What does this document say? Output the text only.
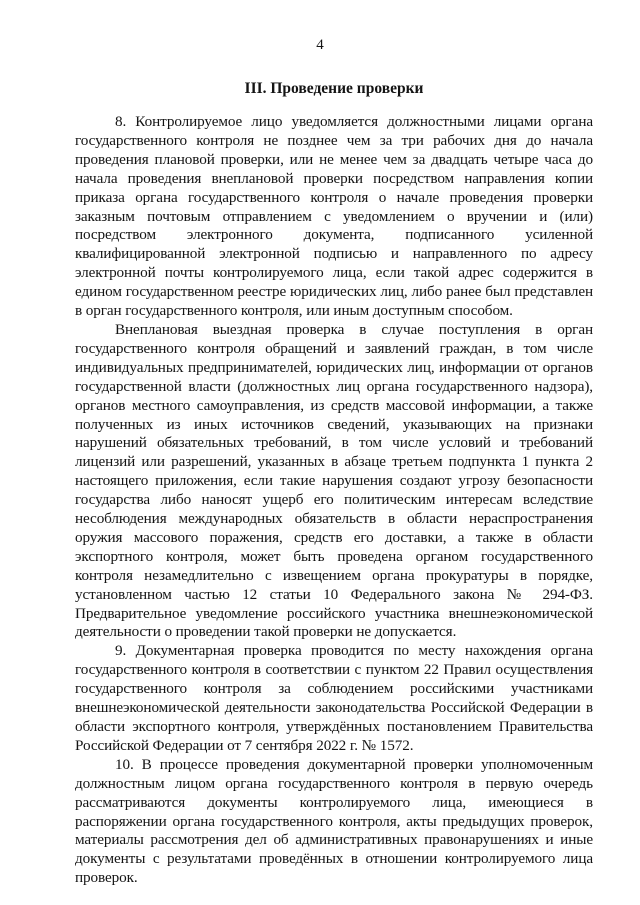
4
III. Проведение проверки

8. Контролируемое лицо уведомляется должностными лицами органа государственного контроля не позднее чем за три рабочих дня до начала проведения плановой проверки, или не менее чем за двадцать четыре часа до начала проведения внеплановой проверки посредством направления копии приказа органа государственного контроля о начале проведения проверки заказным почтовым отправлением с уведомлением о вручении и (или) посредством электронного документа, подписанного усиленной квалифицированной электронной подписью и направленного по адресу электронной почты контролируемого лица, если такой адрес содержится в едином государственном реестре юридических лиц, либо ранее был представлен в орган государственного контроля, или иным доступным способом.

Внеплановая выездная проверка в случае поступления в орган государственного контроля обращений и заявлений граждан, в том числе индивидуальных предпринимателей, юридических лиц, информации от органов государственной власти (должностных лиц органа государственного надзора), органов местного самоуправления, из средств массовой информации, а также полученных из иных источников сведений, указывающих на признаки нарушений обязательных требований, в том числе условий и требований лицензий или разрешений, указанных в абзаце третьем подпункта 1 пункта 2 настоящего приложения, если такие нарушения создают угрозу безопасности государства либо наносят ущерб его политическим интересам вследствие несоблюдения международных обязательств в области нераспространения оружия массового поражения, средств его доставки, а также в области экспортного контроля, может быть проведена органом государственного контроля незамедлительно с извещением органа прокуратуры в порядке, установленном частью 12 статьи 10 Федерального закона № 294-ФЗ. Предварительное уведомление российского участника внешнеэкономической деятельности о проведении такой проверки не допускается.

9. Документарная проверка проводится по месту нахождения органа государственного контроля в соответствии с пунктом 22 Правил осуществления государственного контроля за соблюдением российскими участниками внешнеэкономической деятельности законодательства Российской Федерации в области экспортного контроля, утверждённых постановлением Правительства Российской Федерации от 7 сентября 2022 г. № 1572.

10. В процессе проведения документарной проверки уполномоченным должностным лицом органа государственного контроля в первую очередь рассматриваются документы контролируемого лица, имеющиеся в распоряжении органа государственного контроля, акты предыдущих проверок, материалы рассмотрения дел об административных правонарушениях и иные документы с результатами проведённых в отношении контролируемого лица проверок.
